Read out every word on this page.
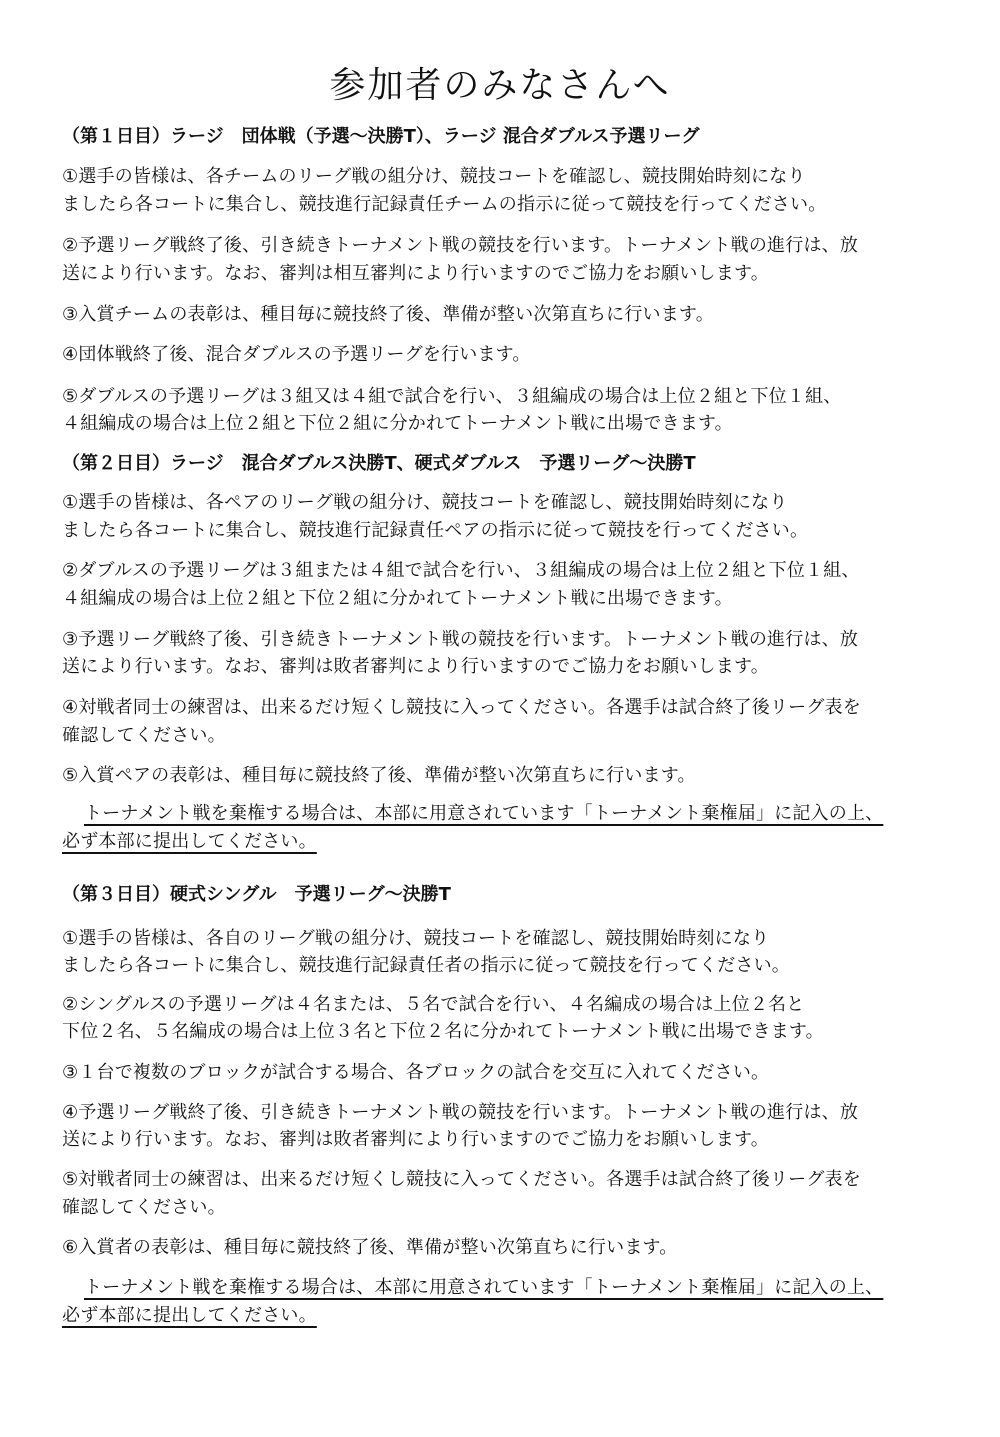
参加者のみなさんへ
（第１日目）ラージ　団体戦（予選～決勝T）、ラージ 混合ダブルス予選リーグ
①選手の皆様は、各チームのリーグ戦の組分け、競技コートを確認し、競技開始時刻になり
ましたら各コートに集合し、競技進行記録責任チームの指示に従って競技を行ってください。
②予選リーグ戦終了後、引き続きトーナメント戦の競技を行います。トーナメント戦の進行は、放
送により行います。なお、審判は相互審判により行いますのでご協力をお願いします。
③入賞チームの表彰は、種目毎に競技終了後、準備が整い次第直ちに行います。
④団体戦終了後、混合ダブルスの予選リーグを行います。
⑤ダブルスの予選リーグは３組又は４組で試合を行い、３組編成の場合は上位２組と下位１組、
４組編成の場合は上位２組と下位２組に分かれてトーナメント戦に出場できます。
（第２日目）ラージ　混合ダブルス決勝T、硬式ダブルス　予選リーグ～決勝T
①選手の皆様は、各ペアのリーグ戦の組分け、競技コートを確認し、競技開始時刻になり
ましたら各コートに集合し、競技進行記録責任ペアの指示に従って競技を行ってください。
②ダブルスの予選リーグは３組または４組で試合を行い、３組編成の場合は上位２組と下位１組、
４組編成の場合は上位２組と下位２組に分かれてトーナメント戦に出場できます。
③予選リーグ戦終了後、引き続きトーナメント戦の競技を行います。トーナメント戦の進行は、放
送により行います。なお、審判は敗者審判により行いますのでご協力をお願いします。
④対戦者同士の練習は、出来るだけ短くし競技に入ってください。各選手は試合終了後リーグ表を
確認してください。
⑤入賞ペアの表彰は、種目毎に競技終了後、準備が整い次第直ちに行います。
トーナメント戦を棄権する場合は、本部に用意されています「トーナメント棄権届」に記入の上、
必ず本部に提出してください。
（第３日目）硬式シングル　予選リーグ～決勝T
①選手の皆様は、各自のリーグ戦の組分け、競技コートを確認し、競技開始時刻になり
ましたら各コートに集合し、競技進行記録責任者の指示に従って競技を行ってください。
②シングルスの予選リーグは４名または、５名で試合を行い、４名編成の場合は上位２名と
下位２名、５名編成の場合は上位３名と下位２名に分かれてトーナメント戦に出場できます。
③１台で複数のブロックが試合する場合、各ブロックの試合を交互に入れてください。
④予選リーグ戦終了後、引き続きトーナメント戦の競技を行います。トーナメント戦の進行は、放
送により行います。なお、審判は敗者審判により行いますのでご協力をお願いします。
⑤対戦者同士の練習は、出来るだけ短くし競技に入ってください。各選手は試合終了後リーグ表を
確認してください。
⑥入賞者の表彰は、種目毎に競技終了後、準備が整い次第直ちに行います。
トーナメント戦を棄権する場合は、本部に用意されています「トーナメント棄権届」に記入の上、
必ず本部に提出してください。
